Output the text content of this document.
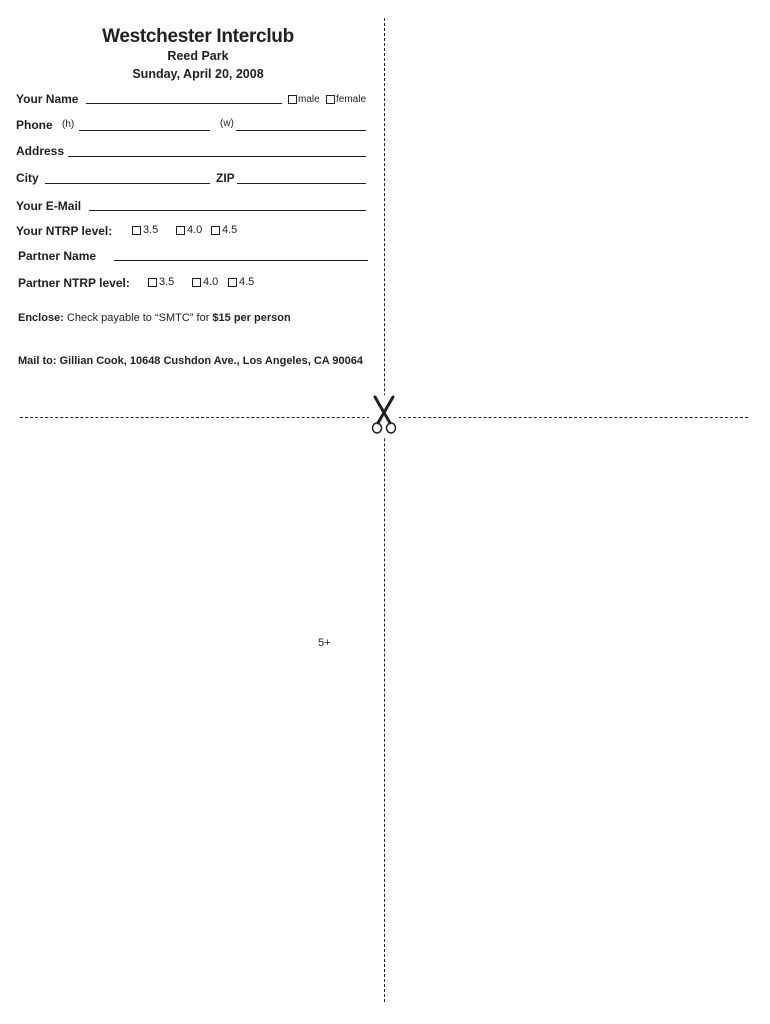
Westchester Interclub
Reed Park
Sunday, April 20, 2008
Your Name	male female
Phone (h)	(w)
Address
City	ZIP
Your E-Mail
Your NTRP level:	3.5	4.0 4.5
Partner Name
Partner NTRP level:	3.5	4.0 4.5
Enclose: Check payable to “SMTC” for $15 per person
Mail to: Gillian Cook, 10648 Cushdon Ave., Los Angeles, CA 90064
5+
